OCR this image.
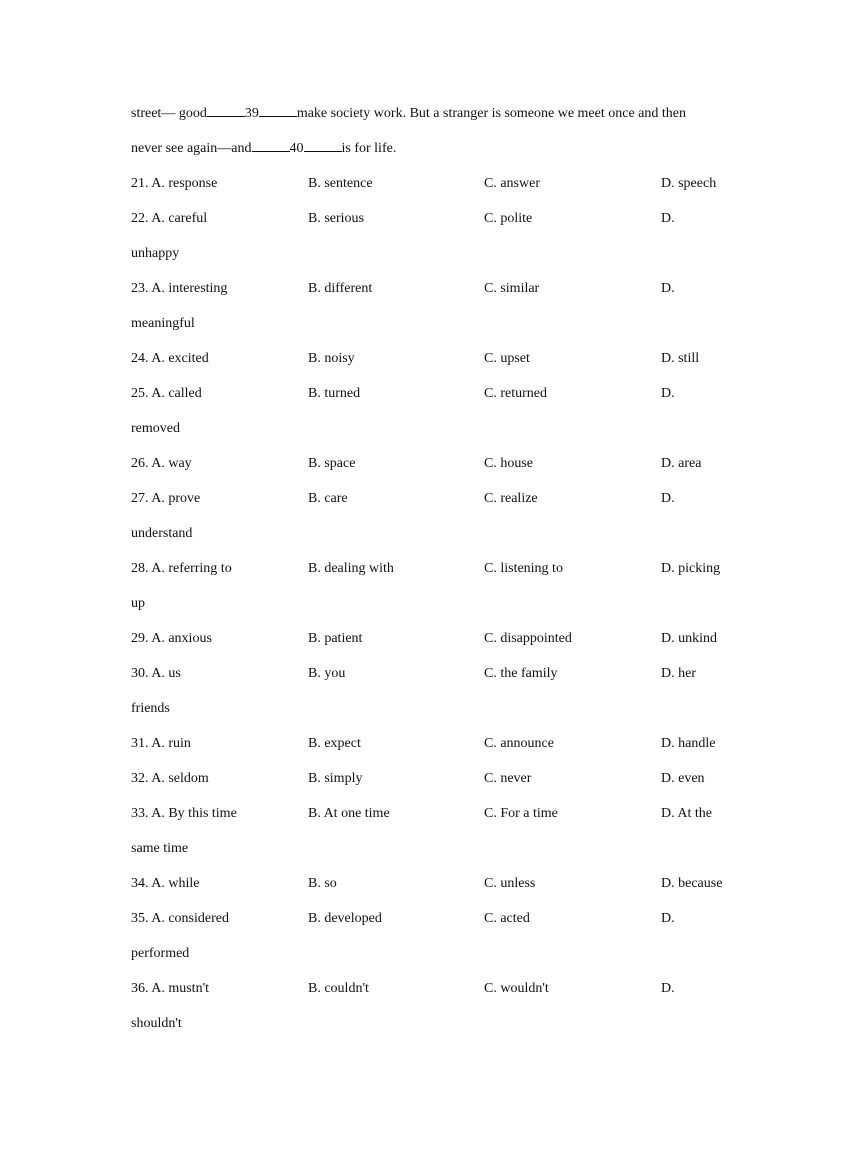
street— good	39	make society work. But a stranger is someone we meet once and then
never see again—and	40	is for life.
21. A. response	B. sentence	C. answer	D. speech
22. A. careful	B. serious	C. polite	D.
unhappy
23. A. interesting	B. different	C. similar	D.
meaningful
24. A. excited	B. noisy	C. upset	D. still
25. A. called	B. turned	C. returned	D.
removed
26. A. way	B. space	C. house	D. area
27. A. prove	B. care	C. realize	D.
understand
28. A. referring to	B. dealing with	C. listening to	D. picking
up
29. A. anxious	B. patient	C. disappointed	D. unkind
30. A. us	B. you	C. the family	D. her
friends
31. A. ruin	B. expect	C. announce	D. handle
32. A. seldom	B. simply	C. never	D. even
33. A. By this time	B. At one time	C. For a time	D. At the
same time
34. A. while	B. so	C. unless	D. because
35. A. considered	B. developed	C. acted	D.
performed
36. A. mustn't	B. couldn't	C. wouldn't	D.
shouldn't
